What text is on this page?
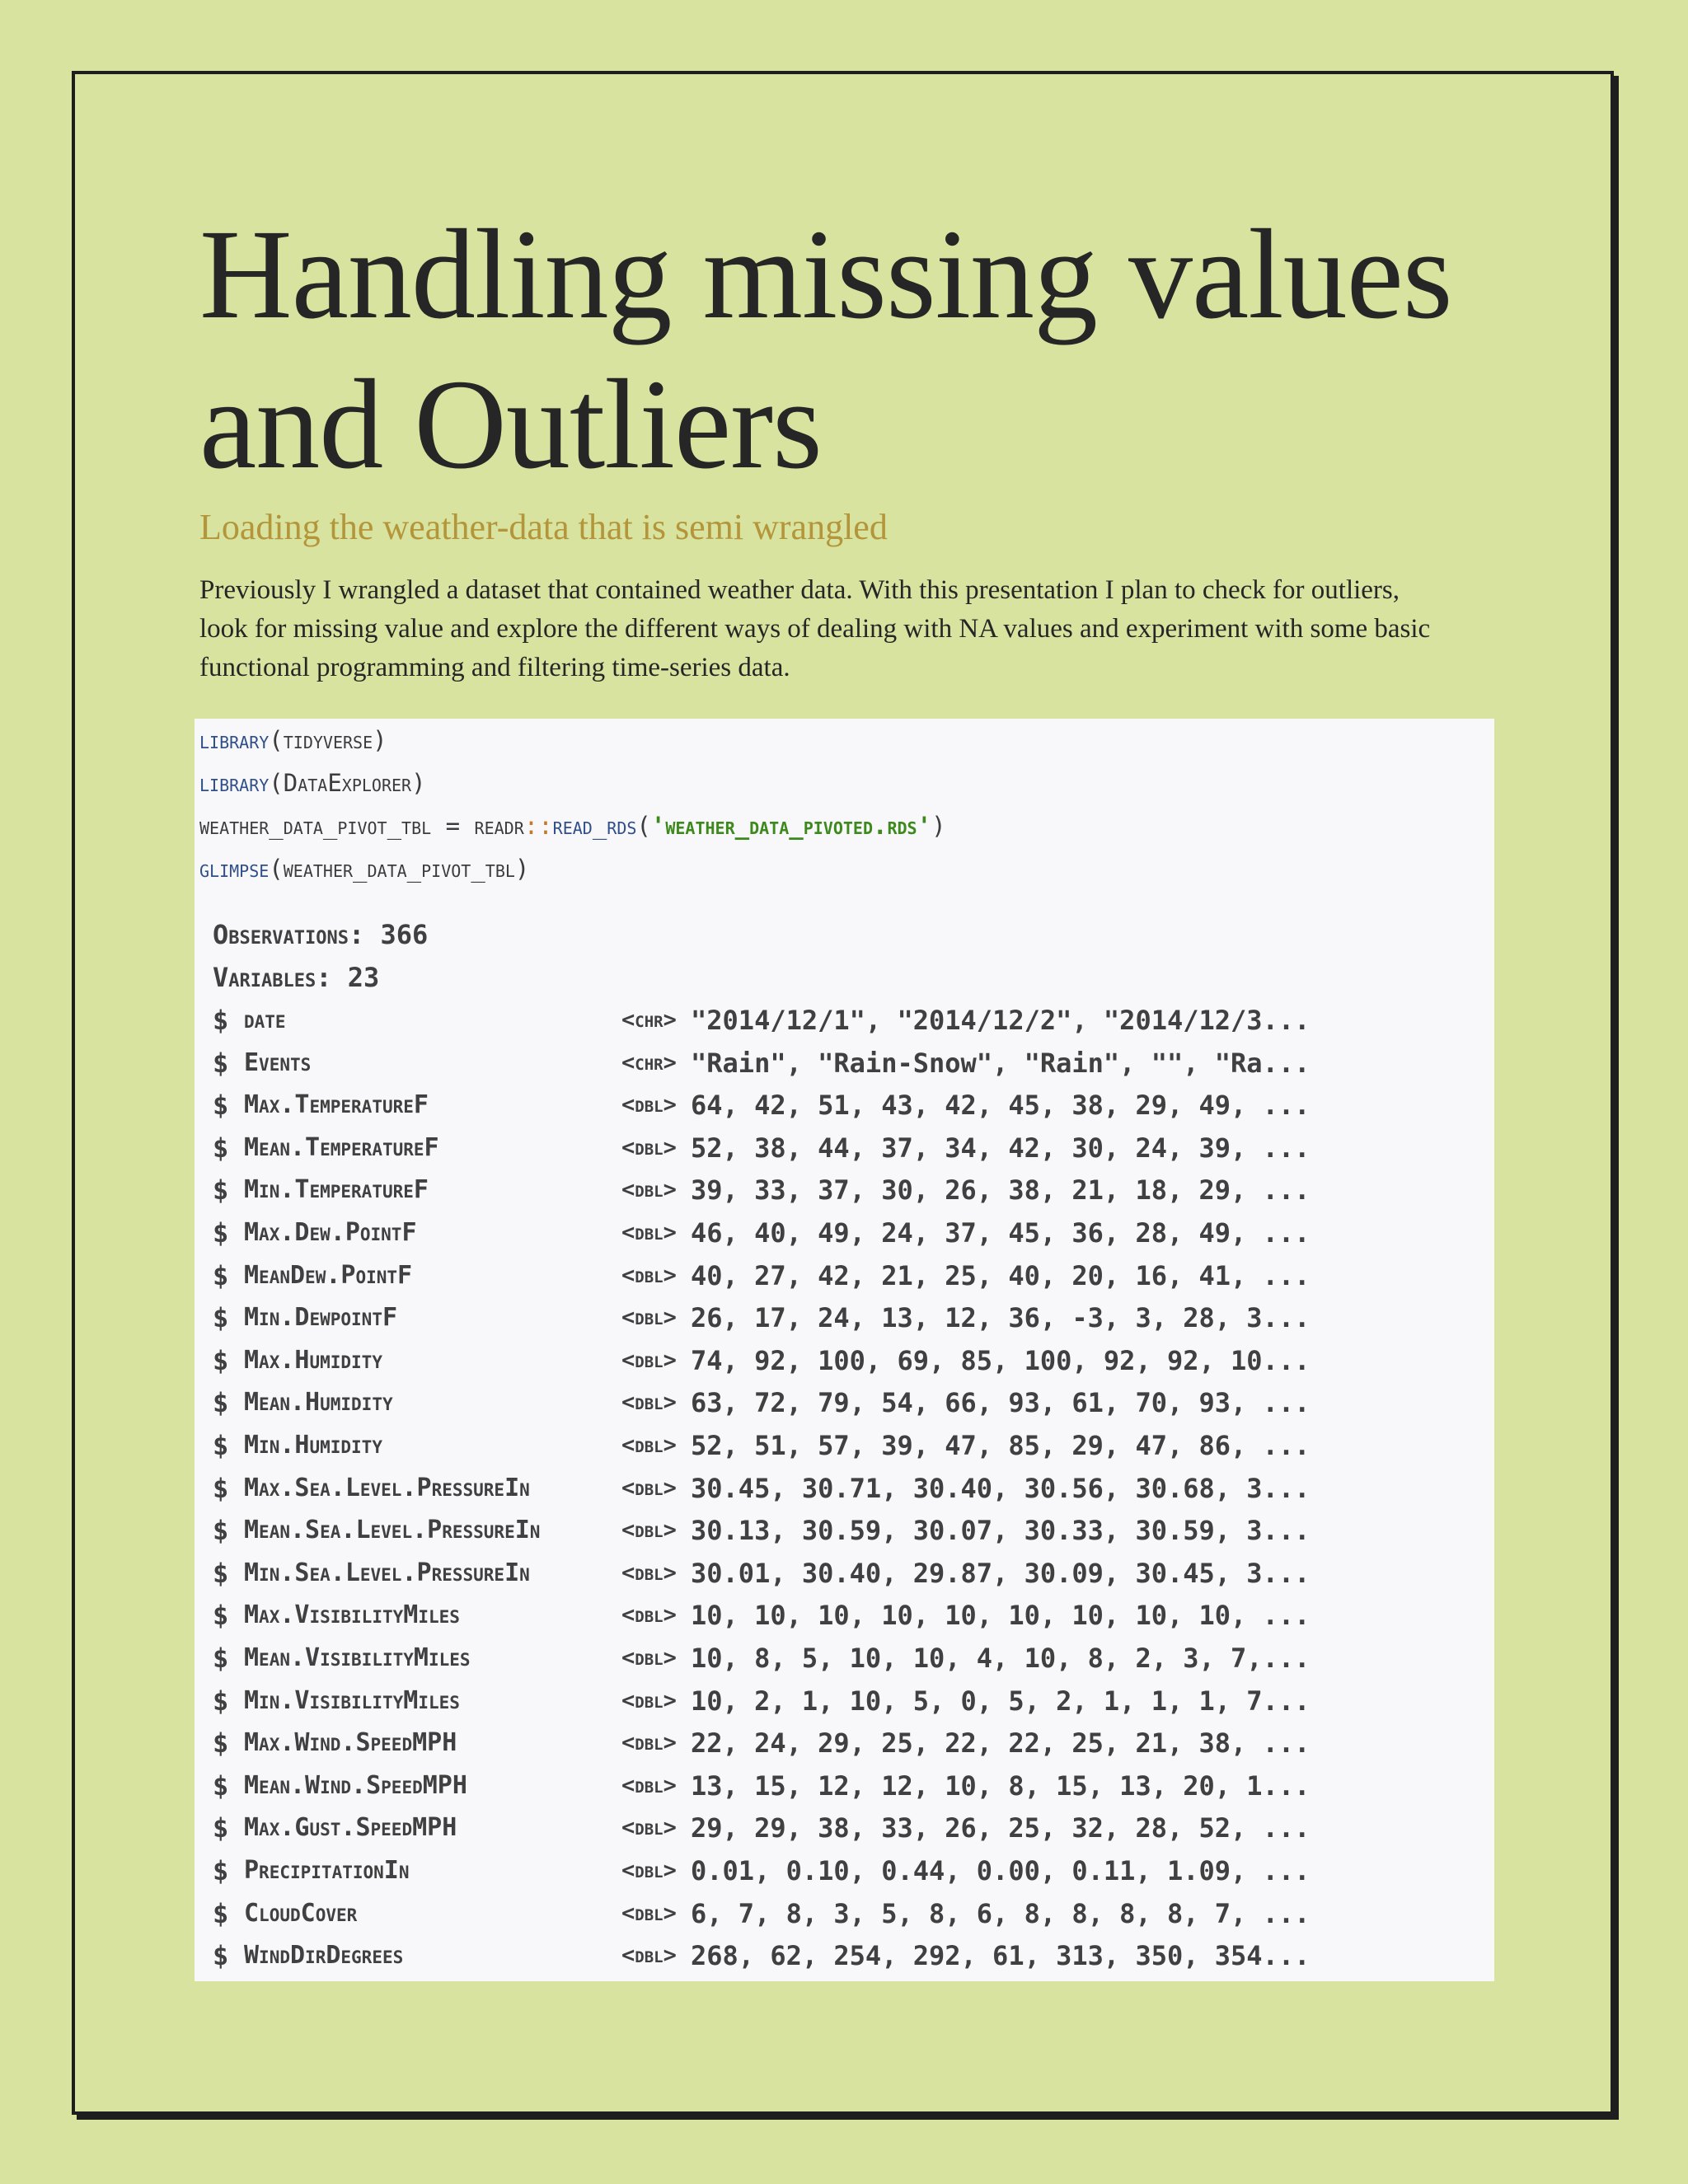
Handling missing values
and Outliers
Loading the weather-data that is semi wrangled

Previously I wrangled a dataset that contained weather data. With this presentation I plan to check for outliers,
look for missing value and explore the different ways of dealing with NA values and experiment with some basic
functional programming and filtering time-series data.

library(tidyverse)
library(DataExplorer)
weather_data_pivot_tbl = readr::read_rds('weather_data_pivoted.rds')
glimpse(weather_data_pivot_tbl)
Observations: 366
Variables: 23
$ date	<chr> "2014/12/1", "2014/12/2", "2014/12/3...
$ Events	<chr> "Rain", "Rain-Snow", "Rain", "", "Ra...
$ Max.TemperatureF	<dbl> 64, 42, 51, 43, 42, 45, 38, 29, 49, ...
$ Mean.TemperatureF	<dbl> 52, 38, 44, 37, 34, 42, 30, 24, 39, ...
$ Min.TemperatureF	<dbl> 39, 33, 37, 30, 26, 38, 21, 18, 29, ...
$ Max.Dew.PointF	<dbl> 46, 40, 49, 24, 37, 45, 36, 28, 49, ...
$ MeanDew.PointF	<dbl> 40, 27, 42, 21, 25, 40, 20, 16, 41, ...
$ Min.DewpointF	<dbl> 26, 17, 24, 13, 12, 36, -3, 3, 28, 3...
$ Max.Humidity	<dbl> 74, 92, 100, 69, 85, 100, 92, 92, 10...
$ Mean.Humidity	<dbl> 63, 72, 79, 54, 66, 93, 61, 70, 93, ...
$ Min.Humidity	<dbl> 52, 51, 57, 39, 47, 85, 29, 47, 86, ...
$ Max.Sea.Level.PressureIn	<dbl> 30.45, 30.71, 30.40, 30.56, 30.68, 3...
$ Mean.Sea.Level.PressureIn	<dbl> 30.13, 30.59, 30.07, 30.33, 30.59, 3...
$ Min.Sea.Level.PressureIn	<dbl> 30.01, 30.40, 29.87, 30.09, 30.45, 3...
$ Max.VisibilityMiles	<dbl> 10, 10, 10, 10, 10, 10, 10, 10, 10, ...
$ Mean.VisibilityMiles	<dbl> 10, 8, 5, 10, 10, 4, 10, 8, 2, 3, 7,...
$ Min.VisibilityMiles	<dbl> 10, 2, 1, 10, 5, 0, 5, 2, 1, 1, 1, 7...
$ Max.Wind.SpeedMPH	<dbl> 22, 24, 29, 25, 22, 22, 25, 21, 38, ...
$ Mean.Wind.SpeedMPH	<dbl> 13, 15, 12, 12, 10, 8, 15, 13, 20, 1...
$ Max.Gust.SpeedMPH	<dbl> 29, 29, 38, 33, 26, 25, 32, 28, 52, ...
$ PrecipitationIn	<dbl> 0.01, 0.10, 0.44, 0.00, 0.11, 1.09, ...
$ CloudCover	<dbl> 6, 7, 8, 3, 5, 8, 6, 8, 8, 8, 8, 7, ...
$ WindDirDegrees	<dbl> 268, 62, 254, 292, 61, 313, 350, 354...
